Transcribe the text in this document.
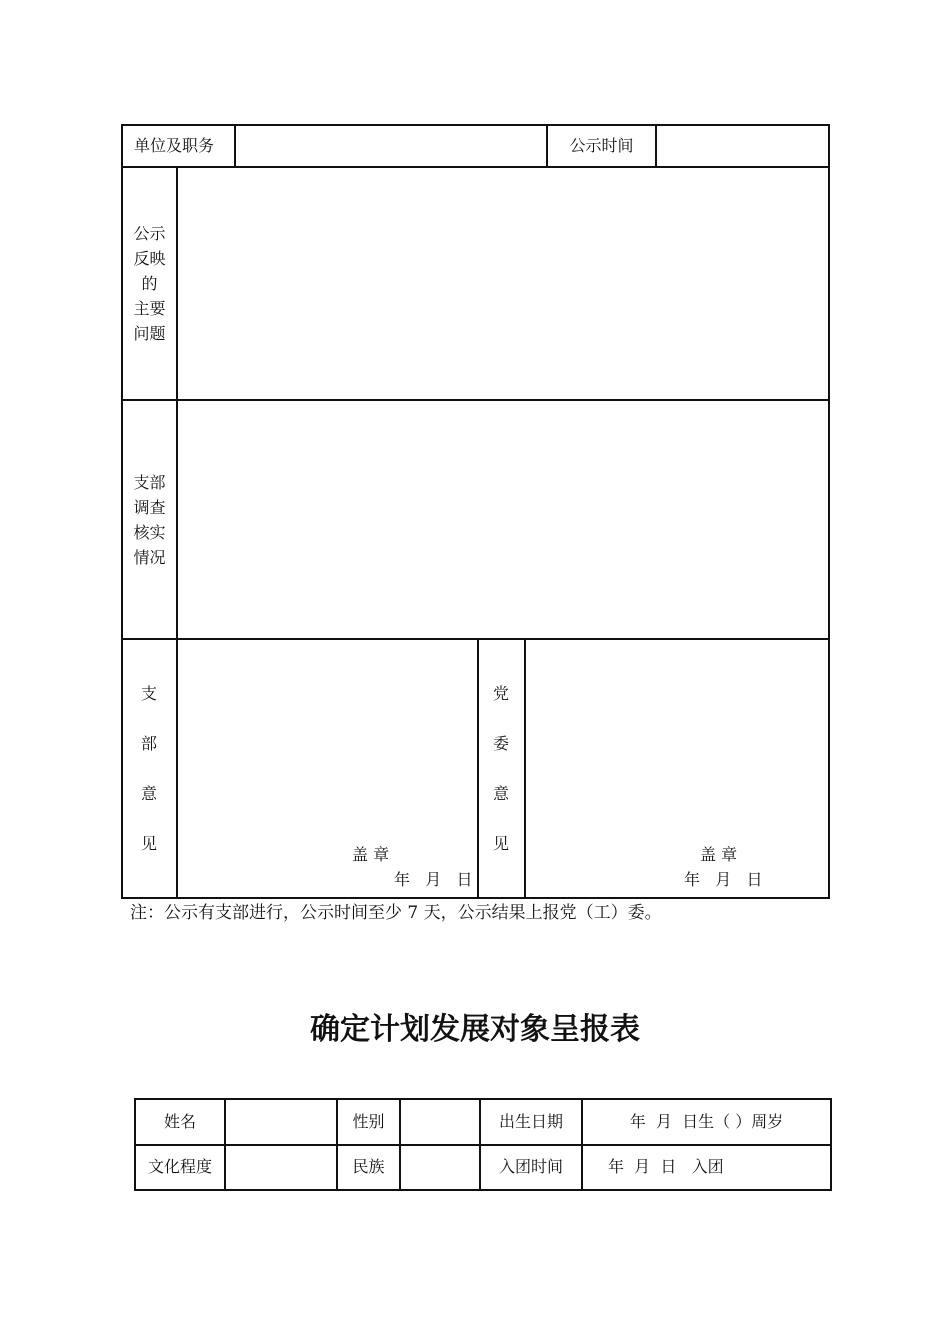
单位及职务	公示时间
公示
反映
的
主要
问题
支部
调查
核实
情况
支
部
意
见
盖 章
年   月   日
党
委
意
见
盖 章
年   月   日
注：公示有支部进行，公示时间至少 7 天，公示结果上报党（工）委。
确定计划发展对象呈报表
姓名	性别	出生日期	年  月  日生（ ）周岁
文化程度	民族	入团时间	年  月  日   入团
